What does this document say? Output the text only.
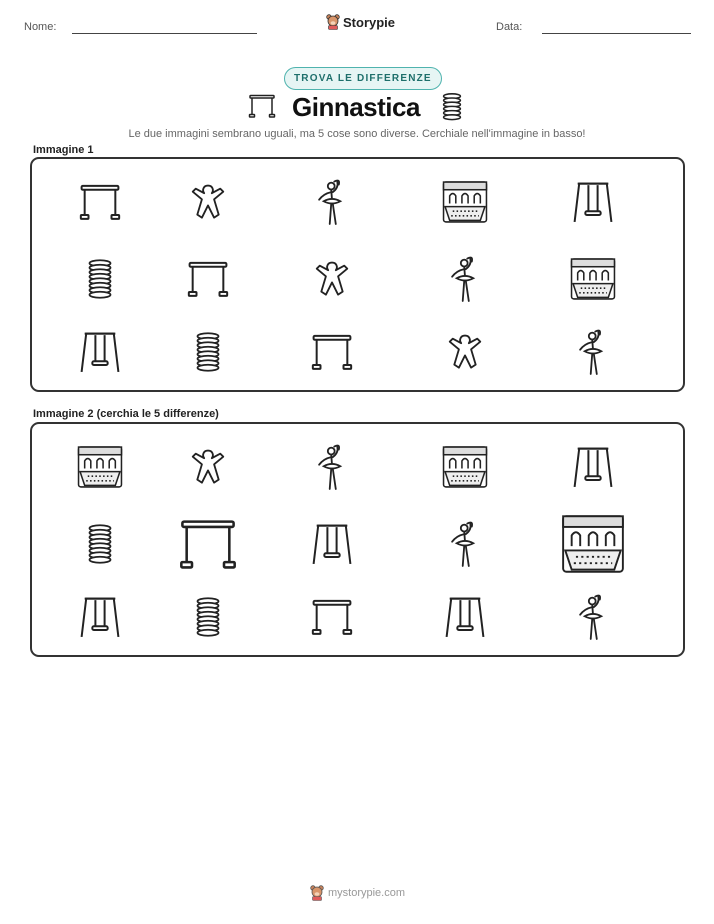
Nome:	Storypie	Data:
TROVA LE DIFFERENZE
Ginnastica
Le due immagini sembrano uguali, ma 5 cose sono diverse. Cerchiale nell'immagine in basso!
Immagine 1
Immagine 2 (cerchia le 5 differenze)
mystorypie.com
